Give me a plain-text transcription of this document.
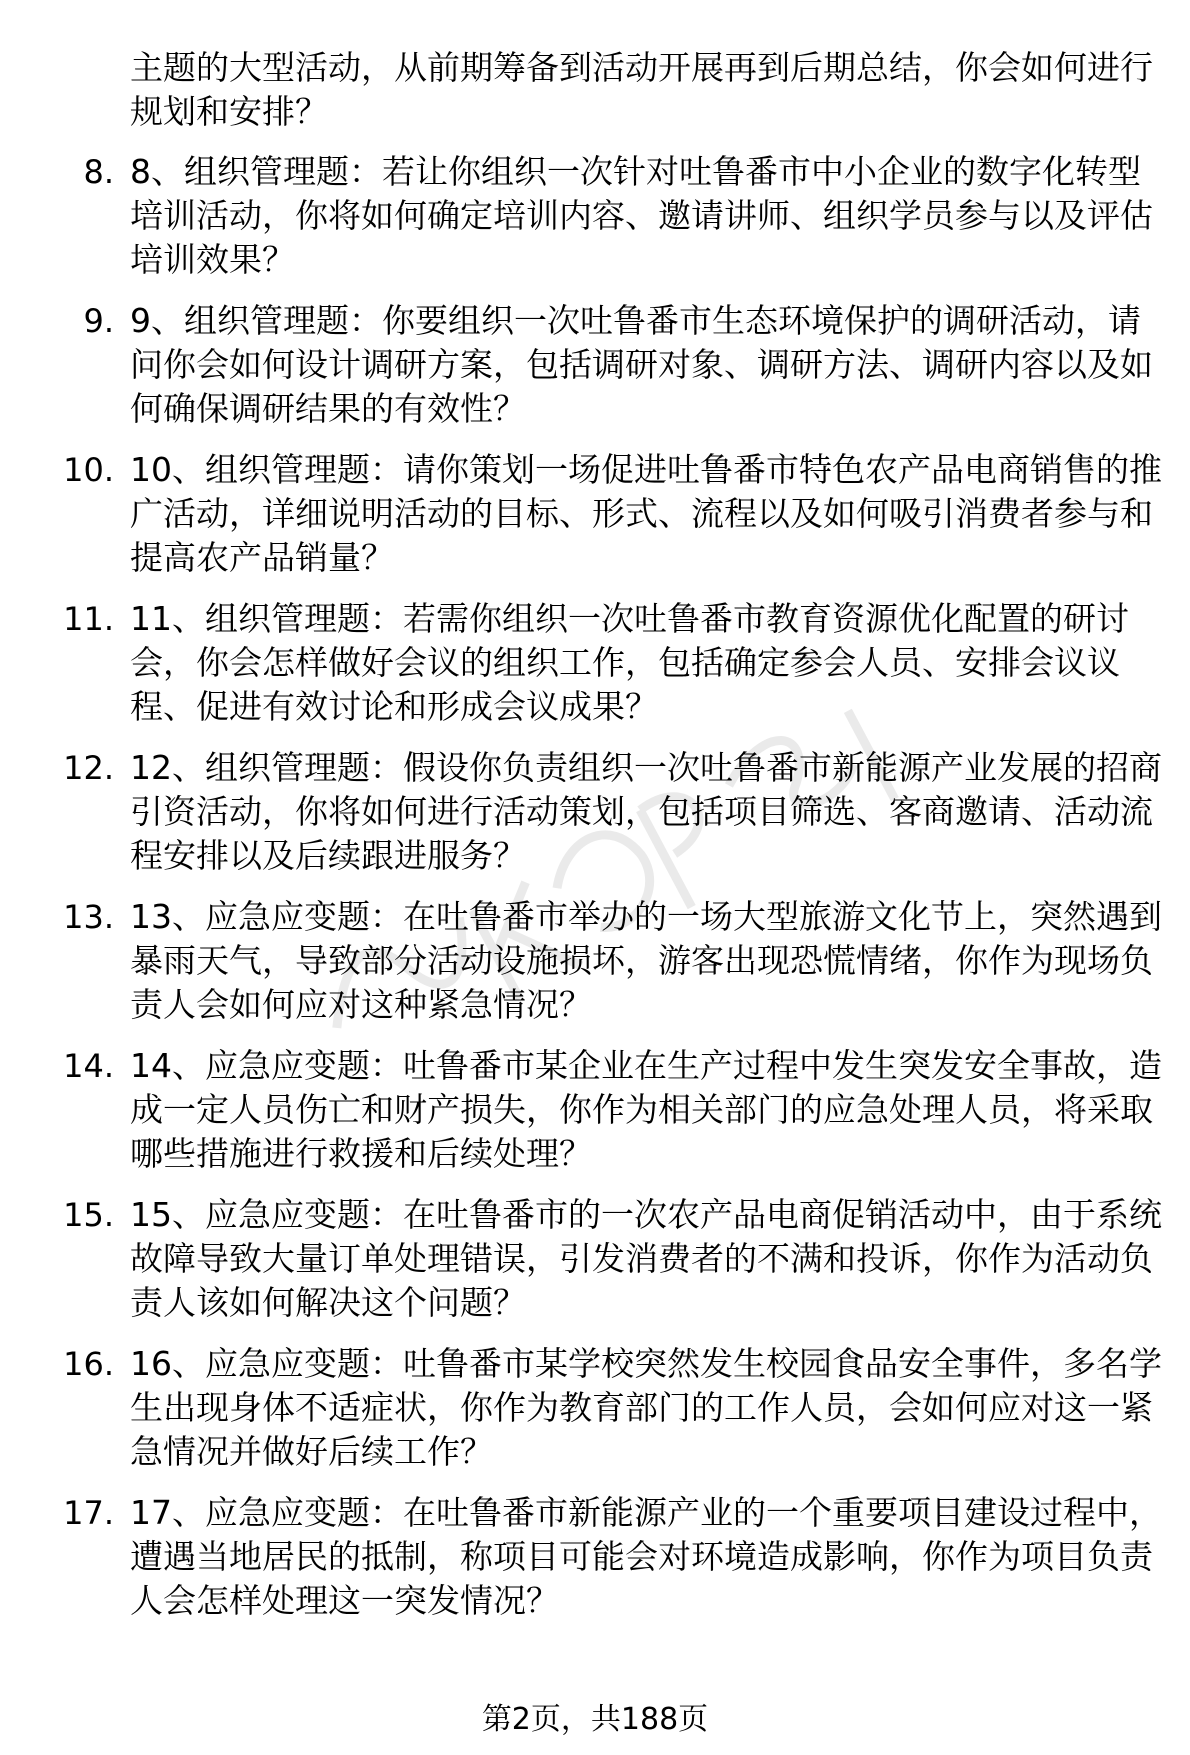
主题的大型活动，从前期筹备到活动开展再到后期总结，你会如何进行规划和安排？
8. 8、组织管理题：若让你组织一次针对吐鲁番市中小企业的数字化转型培训活动，你将如何确定培训内容、邀请讲师、组织学员参与以及评估培训效果？
9. 9、组织管理题：你要组织一次吐鲁番市生态环境保护的调研活动，请问你会如何设计调研方案，包括调研对象、调研方法、调研内容以及如何确保调研结果的有效性？
10. 10、组织管理题：请你策划一场促进吐鲁番市特色农产品电商销售的推广活动，详细说明活动的目标、形式、流程以及如何吸引消费者参与和提高农产品销量？
11. 11、组织管理题：若需你组织一次吐鲁番市教育资源优化配置的研讨会，你会怎样做好会议的组织工作，包括确定参会人员、安排会议议程、促进有效讨论和形成会议成果？
12. 12、组织管理题：假设你负责组织一次吐鲁番市新能源产业发展的招商引资活动，你将如何进行活动策划，包括项目筛选、客商邀请、活动流程安排以及后续跟进服务？
13. 13、应急应变题：在吐鲁番市举办的一场大型旅游文化节上，突然遇到暴雨天气，导致部分活动设施损坏，游客出现恐慌情绪，你作为现场负责人会如何应对这种紧急情况？
14. 14、应急应变题：吐鲁番市某企业在生产过程中发生突发安全事故，造成一定人员伤亡和财产损失，你作为相关部门的应急处理人员，将采取哪些措施进行救援和后续处理？
15. 15、应急应变题：在吐鲁番市的一次农产品电商促销活动中，由于系统故障导致大量订单处理错误，引发消费者的不满和投诉，你作为活动负责人该如何解决这个问题？
16. 16、应急应变题：吐鲁番市某学校突然发生校园食品安全事件，多名学生出现身体不适症状，你作为教育部门的工作人员，会如何应对这一紧急情况并做好后续工作？
17. 17、应急应变题：在吐鲁番市新能源产业的一个重要项目建设过程中，遭遇当地居民的抵制，称项目可能会对环境造成影响，你作为项目负责人会怎样处理这一突发情况？
第2页，共188页
